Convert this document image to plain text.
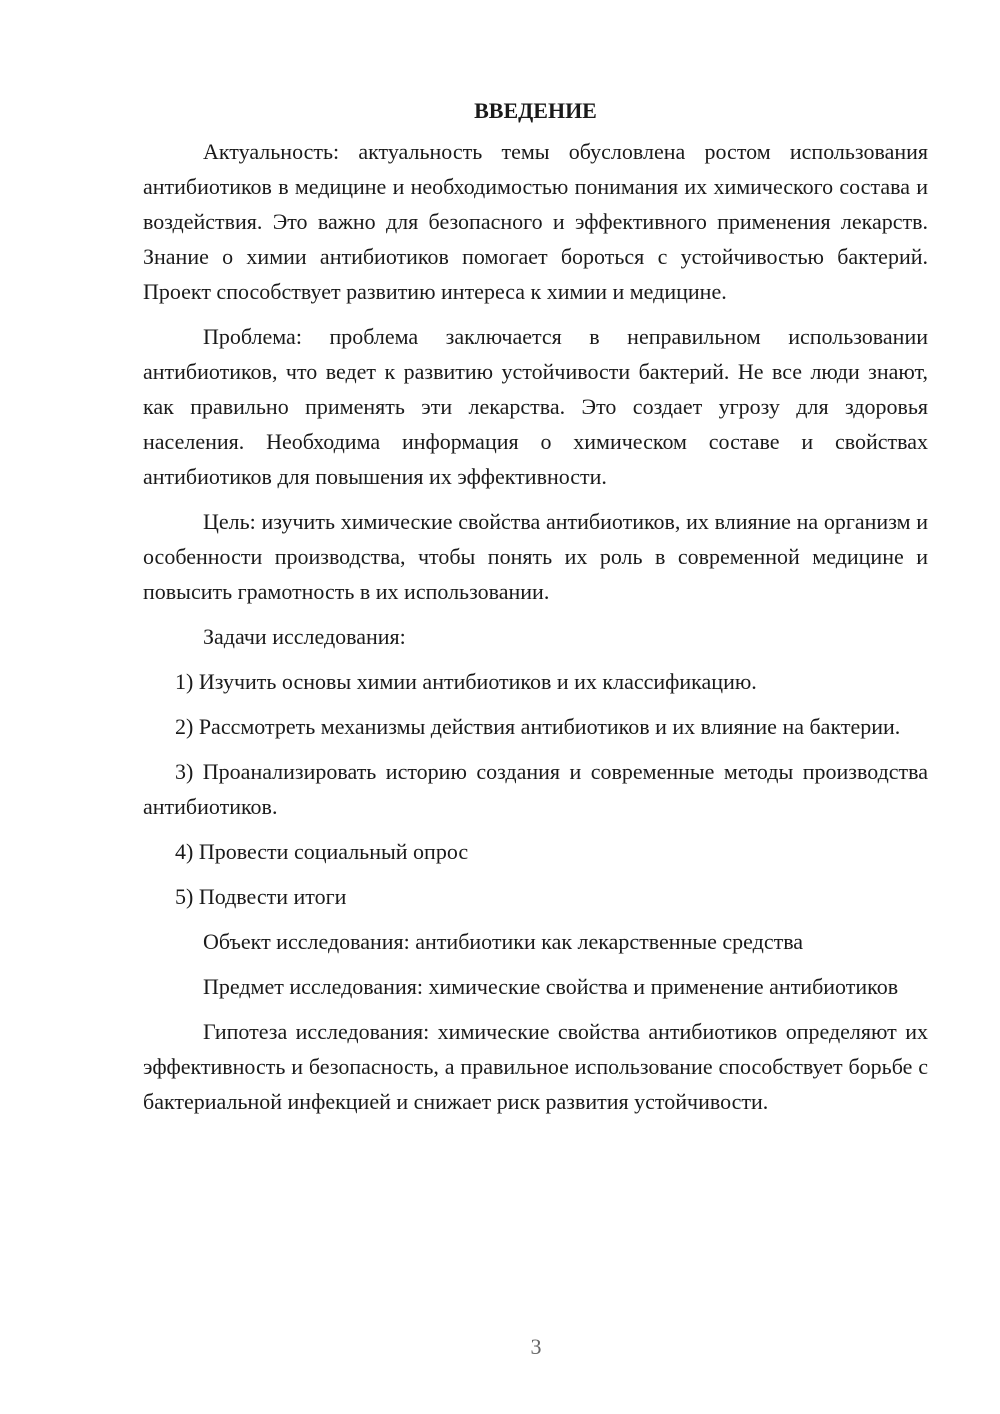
ВВЕДЕНИЕ

Актуальность: актуальность темы обусловлена ростом использования антибиотиков в медицине и необходимостью понимания их химического состава и воздействия. Это важно для безопасного и эффективного применения лекарств. Знание о химии антибиотиков помогает бороться с устойчивостью бактерий. Проект способствует развитию интереса к химии и медицине.

Проблема: проблема заключается в неправильном использовании антибиотиков, что ведет к развитию устойчивости бактерий. Не все люди знают, как правильно применять эти лекарства. Это создает угрозу для здоровья населения. Необходима информация о химическом составе и свойствах антибиотиков для повышения их эффективности.

Цель: изучить химические свойства антибиотиков, их влияние на организм и особенности производства, чтобы понять их роль в современной медицине и повысить грамотность в их использовании.

Задачи исследования:

1) Изучить основы химии антибиотиков и их классификацию.

2) Рассмотреть механизмы действия антибиотиков и их влияние на бактерии.

3) Проанализировать историю создания и современные методы производства антибиотиков.

4) Провести социальный опрос

5) Подвести итоги

Объект исследования: антибиотики как лекарственные средства

Предмет исследования: химические свойства и применение антибиотиков

Гипотеза исследования: химические свойства антибиотиков определяют их эффективность и безопасность, а правильное использование способствует борьбе с бактериальной инфекцией и снижает риск развития устойчивости.

3
